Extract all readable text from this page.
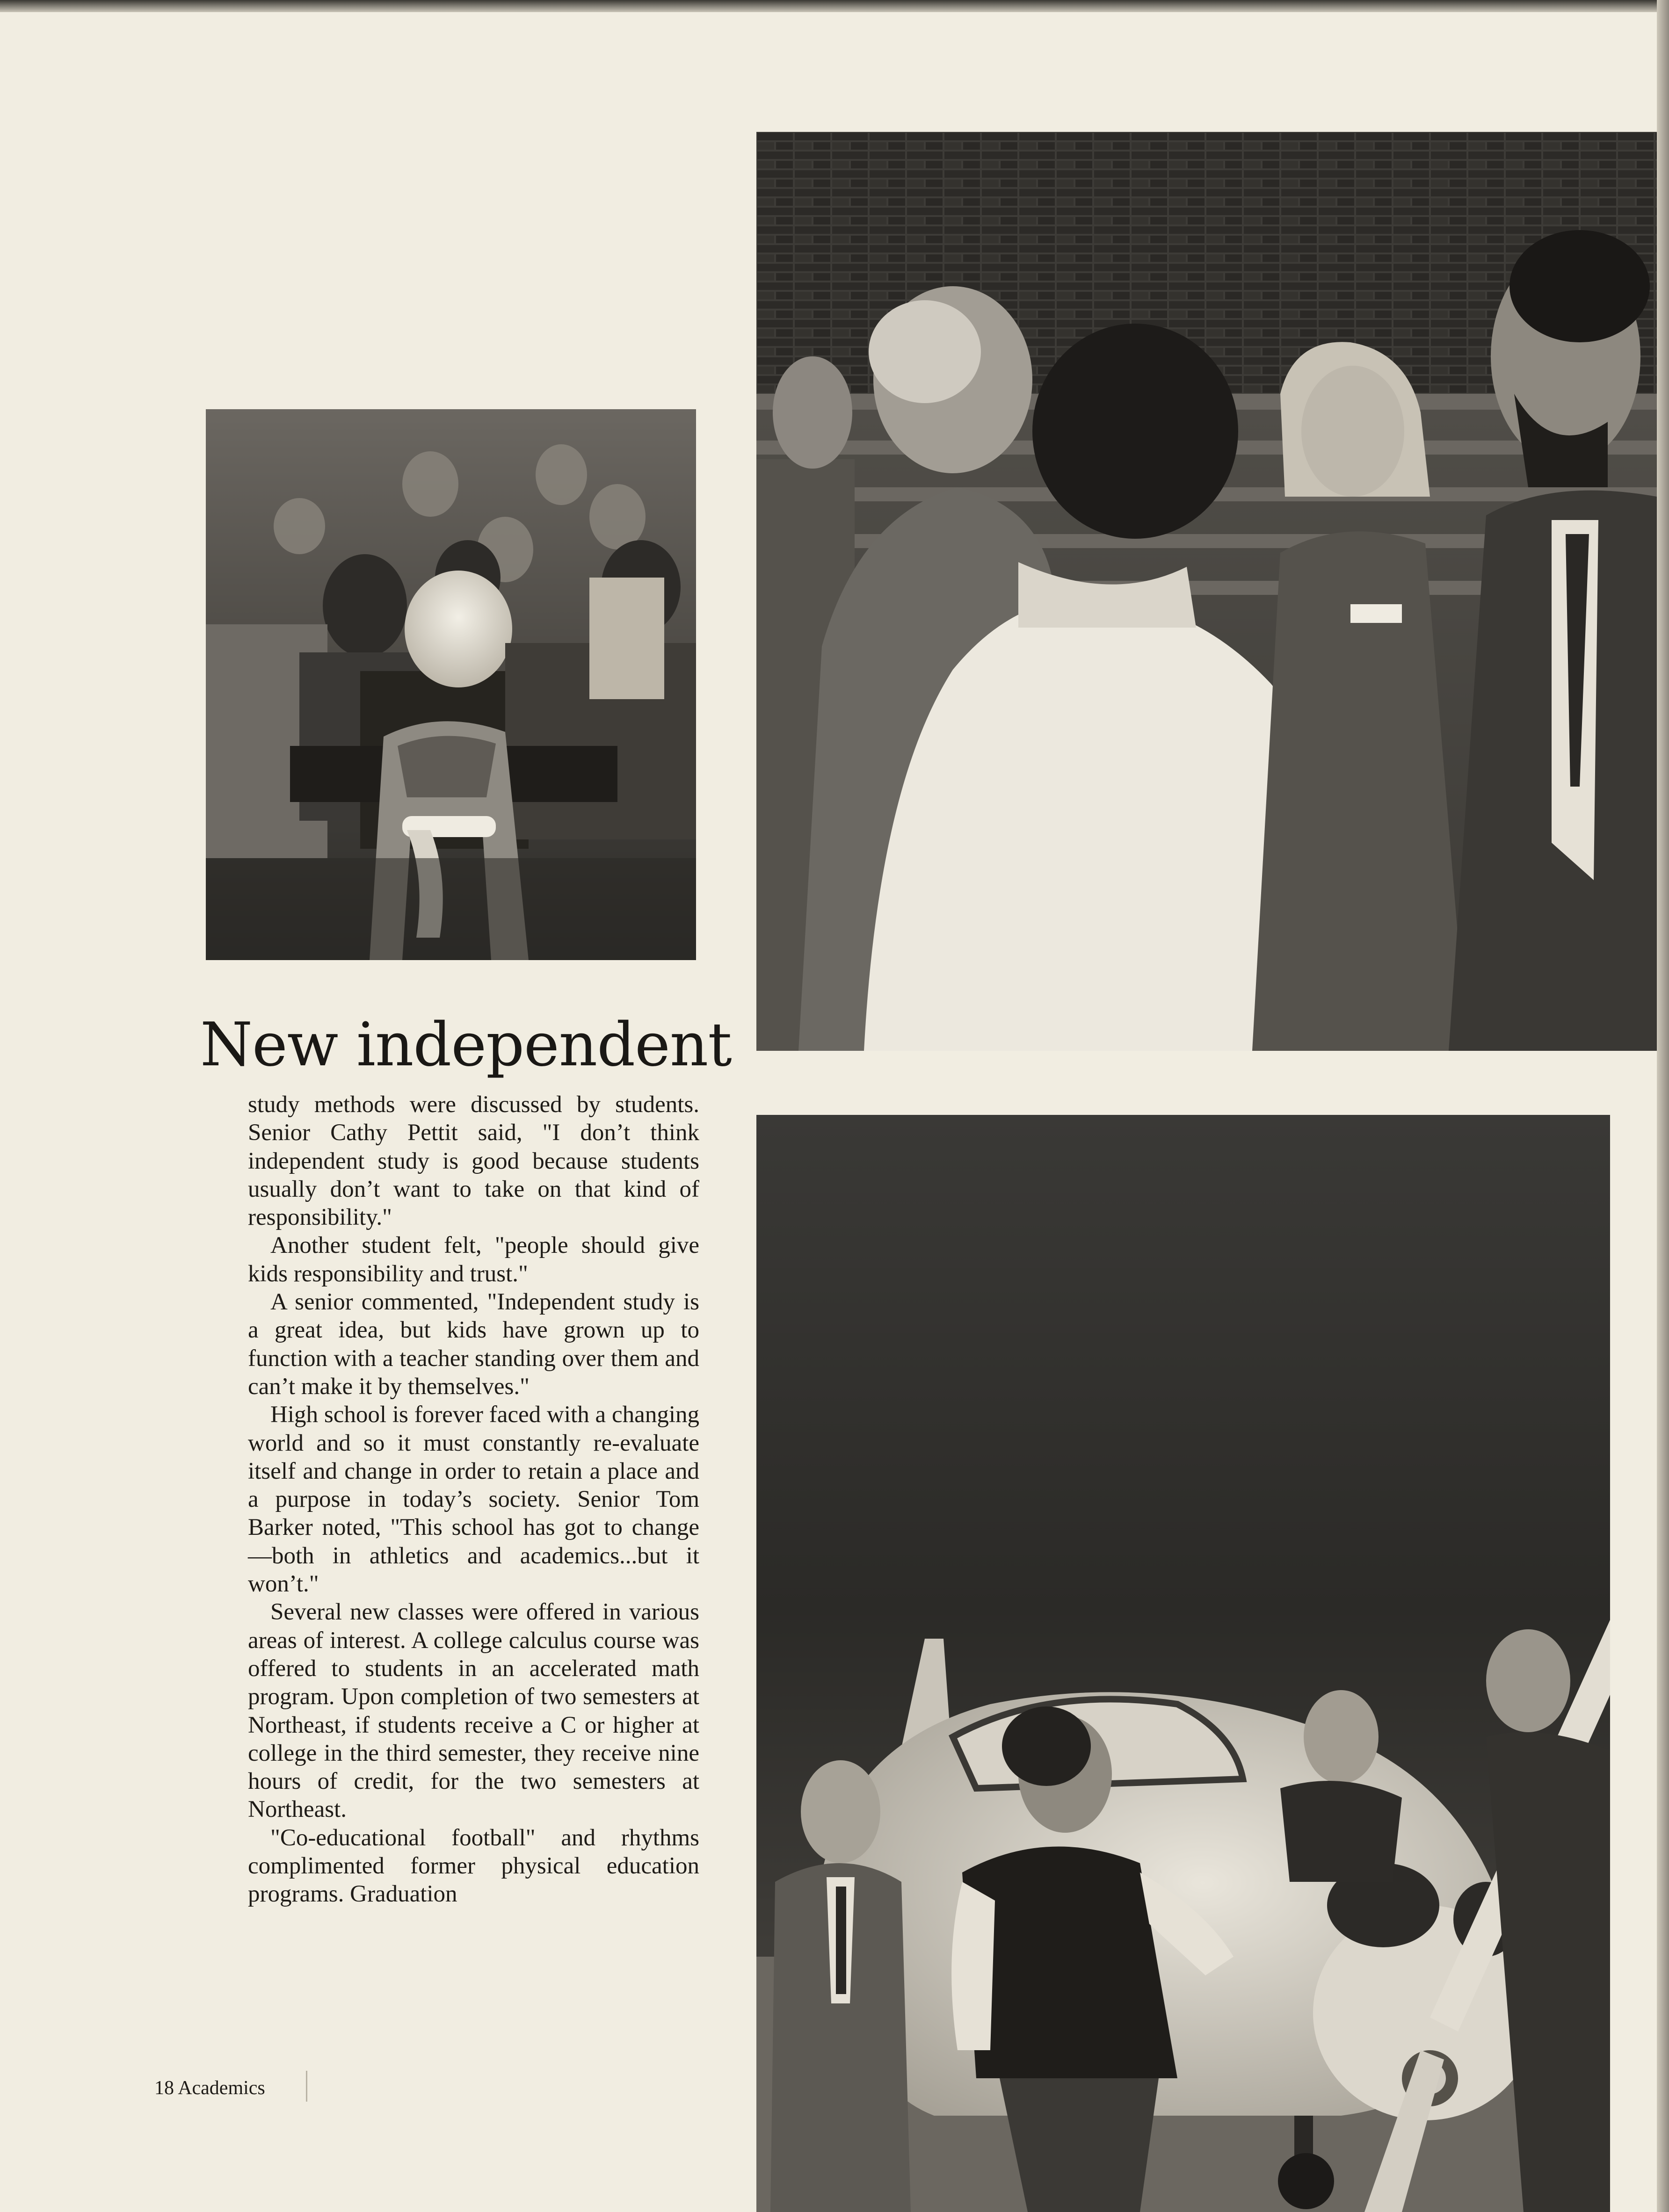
New independent

study methods were discussed by students. Senior Cathy Pettit said, "I don’t think independent study is good because students usually don’t want to take on that kind of responsibility."

Another student felt, "people should give kids responsibility and trust."

A senior commented, "Independent study is a great idea, but kids have grown up to function with a teacher standing over them and can’t make it by themselves."

High school is forever faced with a changing world and so it must constantly re-evaluate itself and change in order to retain a place and a purpose in today’s society. Senior Tom Barker noted, "This school has got to change—both in athletics and academics...but it won’t."

Several new classes were offered in various areas of interest. A college calculus course was offered to students in an accelerated math program. Upon completion of two semesters at Northeast, if students receive a C or higher at college in the third semester, they receive nine hours of credit, for the two semesters at Northeast.

"Co-educational football" and rhythms complimented former physical education programs. Graduation

18 Academics
